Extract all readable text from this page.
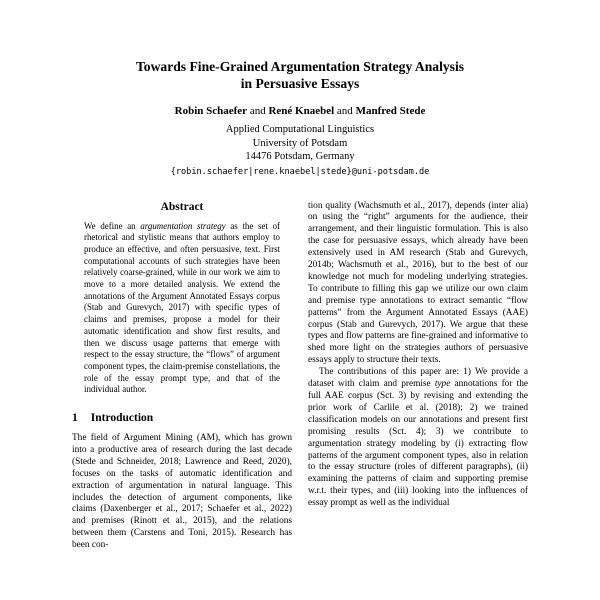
Towards Fine-Grained Argumentation Strategy Analysis
in Persuasive Essays
Robin Schaefer and René Knaebel and Manfred Stede
Applied Computational Linguistics
University of Potsdam
14476 Potsdam, Germany
{robin.schaefer|rene.knaebel|stede}@uni-potsdam.de
Abstract

We define an argumentation strategy as the set of rhetorical and stylistic means that authors employ to produce an effective, and often persuasive, text. First computational accounts of such strategies have been relatively coarse-grained, while in our work we aim to move to a more detailed analysis. We extend the annotations of the Argument Annotated Essays corpus (Stab and Gurevych, 2017) with specific types of claims and premises, propose a model for their automatic identification and show first results, and then we discuss usage patterns that emerge with respect to the essay structure, the “flows” of argument component types, the claim-premise constellations, the role of the essay prompt type, and that of the individual author.

1 Introduction

The field of Argument Mining (AM), which has grown into a productive area of research during the last decade (Stede and Schneider, 2018; Lawrence and Reed, 2020), focuses on the tasks of automatic identification and extraction of argumentation in natural language. This includes the detection of argument components, like claims (Daxenberger et al., 2017; Schaefer et al., 2022) and premises (Rinott et al., 2015), and the relations between them (Carstens and Toni, 2015). Research has been con-

tion quality (Wachsmuth et al., 2017), depends (inter alia) on using the “right” arguments for the audience, their arrangement, and their linguistic formulation. This is also the case for persuasive essays, which already have been extensively used in AM research (Stab and Gurevych, 2014b; Wachsmuth et al., 2016), but to the best of our knowledge not much for modeling underlying strategies. To contribute to filling this gap we utilize our own claim and premise type annotations to extract semantic “flow patterns” from the Argument Annotated Essays (AAE) corpus (Stab and Gurevych, 2017). We argue that these types and flow patterns are fine-grained and informative to shed more light on the strategies authors of persuasive essays apply to structure their texts.

The contributions of this paper are: 1) We provide a dataset with claim and premise type annotations for the full AAE corpus (Sct. 3) by revising and extending the prior work of Carlile et al. (2018); 2) we trained classification models on our annotations and present first promising results (Sct. 4); 3) we contribute to argumentation strategy modeling by (i) extracting flow patterns of the argument component types, also in relation to the essay structure (roles of different paragraphs), (ii) examining the patterns of claim and supporting premise w.r.t. their types, and (iii) looking into the influences of essay prompt as well as the individual
